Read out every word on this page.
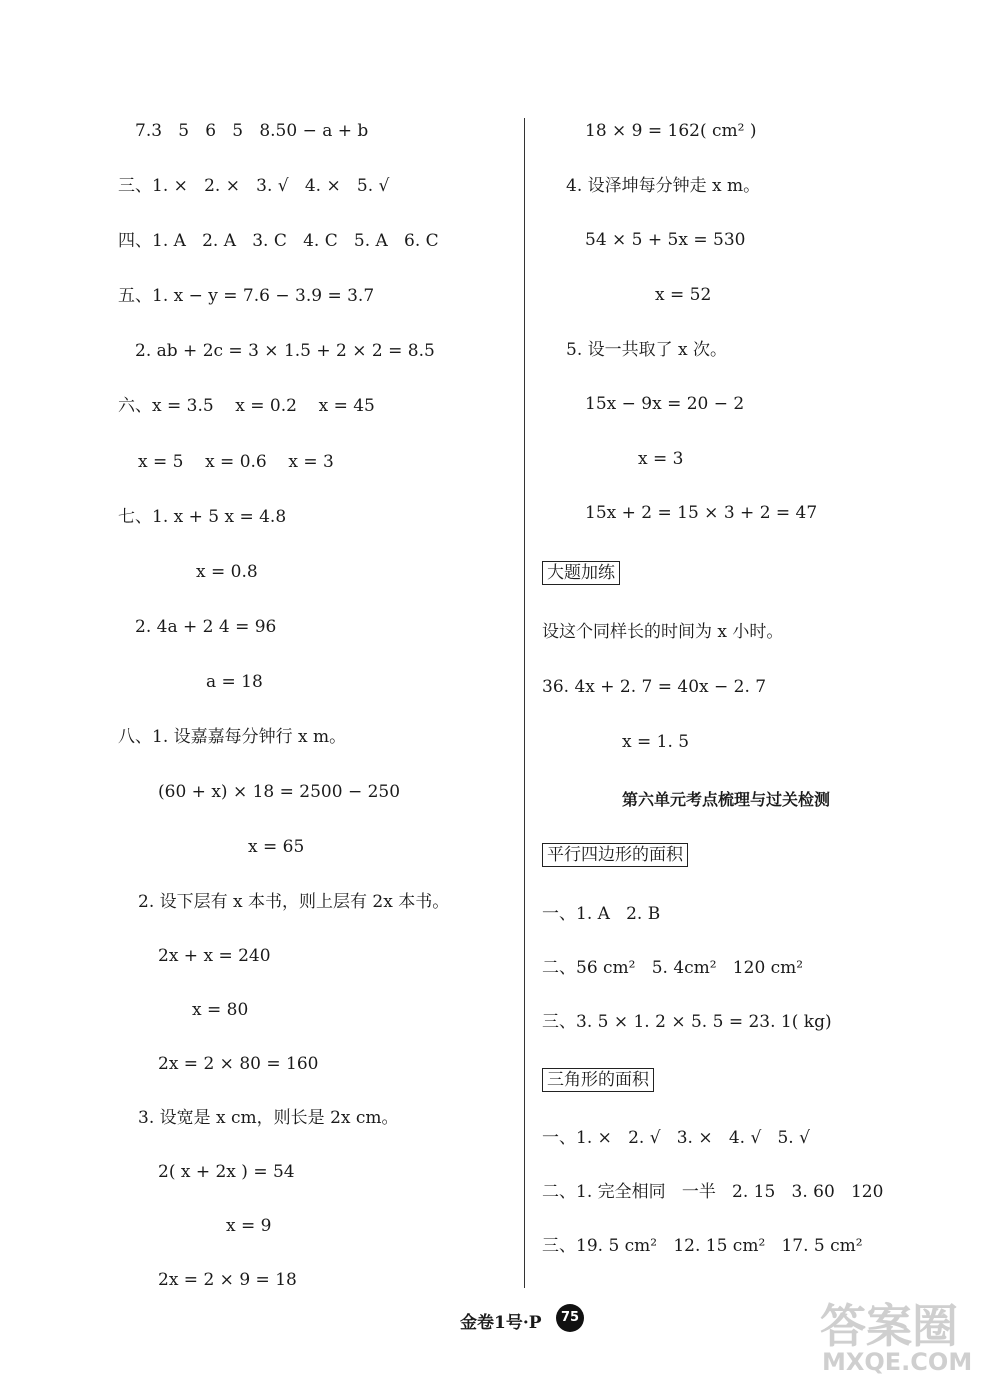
7.3   5   6   5   8.50 − a + b
三、1. ×   2. ×   3. √   4. ×   5. √
四、1. A   2. A   3. C   4. C   5. A   6. C
五、1. x − y = 7.6 − 3.9 = 3.7
2. ab + 2c = 3 × 1.5 + 2 × 2 = 8.5
六、x = 3.5    x = 0.2    x = 45
x = 5    x = 0.6    x = 3
七、1. x + 5 x = 4.8
x = 0.8
2. 4a + 2 4 = 96
a = 18
八、1. 设嘉嘉每分钟行 x m。
(60 + x) × 18 = 2500 − 250
x = 65
2. 设下层有 x 本书，则上层有 2x 本书。
2x + x = 240
x = 80
2x = 2 × 80 = 160
3. 设宽是 x cm，则长是 2x cm。
2( x + 2x ) = 54
x = 9
2x = 2 × 9 = 18
18 × 9 = 162( cm² )
4. 设泽坤每分钟走 x m。
54 × 5 + 5x = 530
x = 52
5. 设一共取了 x 次。
15x − 9x = 20 − 2
x = 3
15x + 2 = 15 × 3 + 2 = 47
大题加练
设这个同样长的时间为 x 小时。
36. 4x + 2. 7 = 40x − 2. 7
x = 1. 5
第六单元考点梳理与过关检测
平行四边形的面积
一、1. A   2. B
二、56 cm²   5. 4cm²   120 cm²
三、3. 5 × 1. 2 × 5. 5 = 23. 1( kg)
三角形的面积
一、1. ×   2. √   3. ×   4. √   5. √
二、1. 完全相同   一半   2. 15   3. 60   120
三、19. 5 cm²   12. 15 cm²   17. 5 cm²
金卷1号·P	75	答案圈
MXQE.COM
